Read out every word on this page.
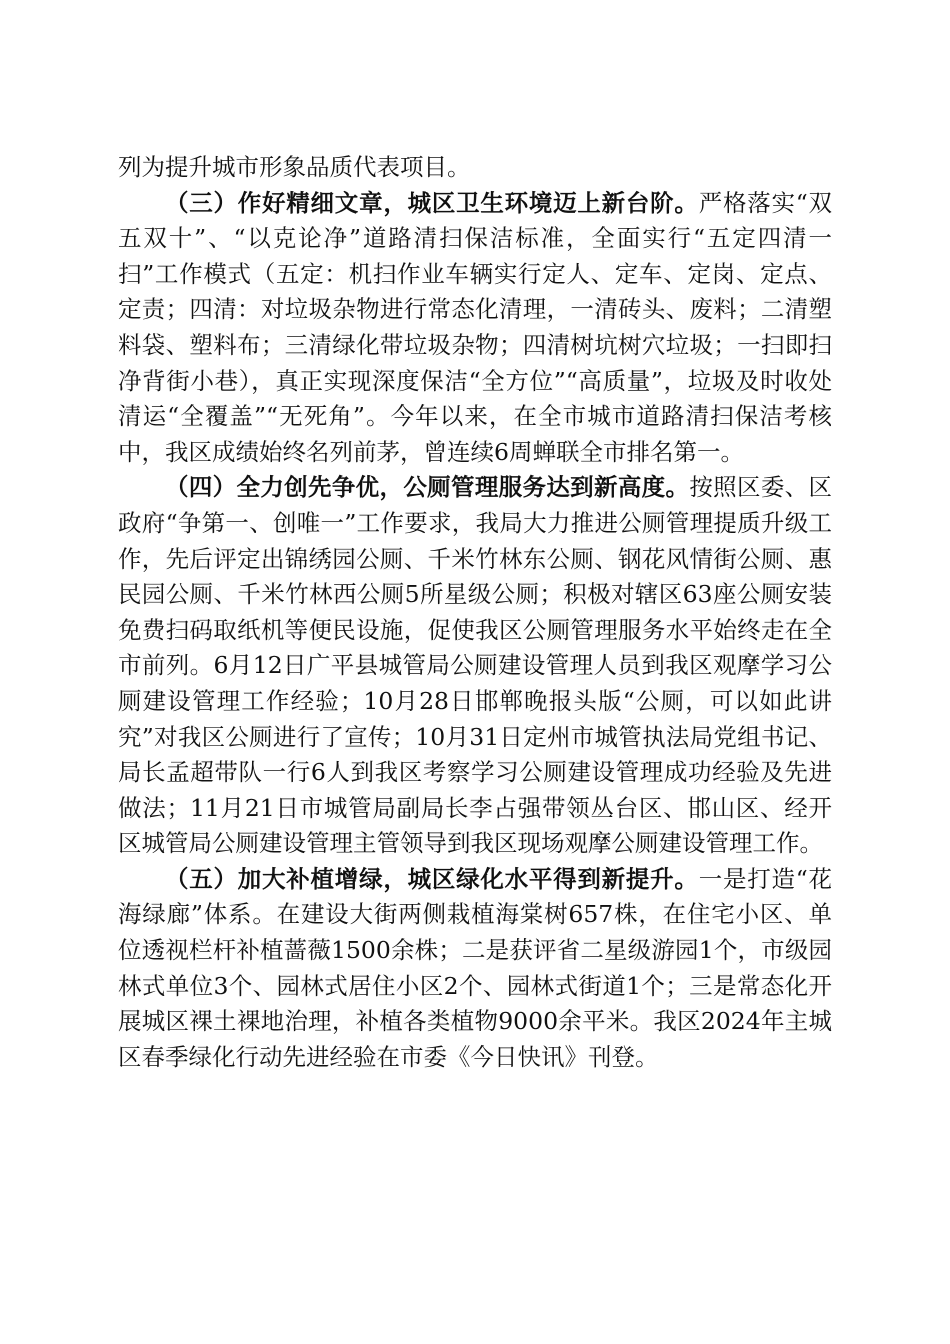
列为提升城市形象品质代表项目。

（三）作好精细文章，城区卫生环境迈上新台阶。严格落实“双五双十”、“以克论净”道路清扫保洁标准，全面实行“五定四清一扫”工作模式（五定：机扫作业车辆实行定人、定车、定岗、定点、定责；四清：对垃圾杂物进行常态化清理，一清砖头、废料；二清塑料袋、塑料布；三清绿化带垃圾杂物；四清树坑树穴垃圾；一扫即扫净背街小巷），真正实现深度保洁“全方位”“高质量”，垃圾及时收处清运“全覆盖”“无死角”。今年以来，在全市城市道路清扫保洁考核中，我区成绩始终名列前茅，曾连续6周蝉联全市排名第一。

（四）全力创先争优，公厕管理服务达到新高度。按照区委、区政府“争第一、创唯一”工作要求，我局大力推进公厕管理提质升级工作，先后评定出锦绣园公厕、千米竹林东公厕、钢花风情街公厕、惠民园公厕、千米竹林西公厕5所星级公厕；积极对辖区63座公厕安装免费扫码取纸机等便民设施，促使我区公厕管理服务水平始终走在全市前列。6月12日广平县城管局公厕建设管理人员到我区观摩学习公厕建设管理工作经验；10月28日邯郸晚报头版“公厕，可以如此讲究”对我区公厕进行了宣传；10月31日定州市城管执法局党组书记、局长孟超带队一行6人到我区考察学习公厕建设管理成功经验及先进做法；11月21日市城管局副局长李占强带领丛台区、邯山区、经开区城管局公厕建设管理主管领导到我区现场观摩公厕建设管理工作。

（五）加大补植增绿，城区绿化水平得到新提升。一是打造“花海绿廊”体系。在建设大街两侧栽植海棠树657株，在住宅小区、单位透视栏杆补植蔷薇1500余株；二是获评省二星级游园1个，市级园林式单位3个、园林式居住小区2个、园林式街道1个；三是常态化开展城区裸土裸地治理，补植各类植物9000余平米。我区2024年主城区春季绿化行动先进经验在市委《今日快讯》刊登。
